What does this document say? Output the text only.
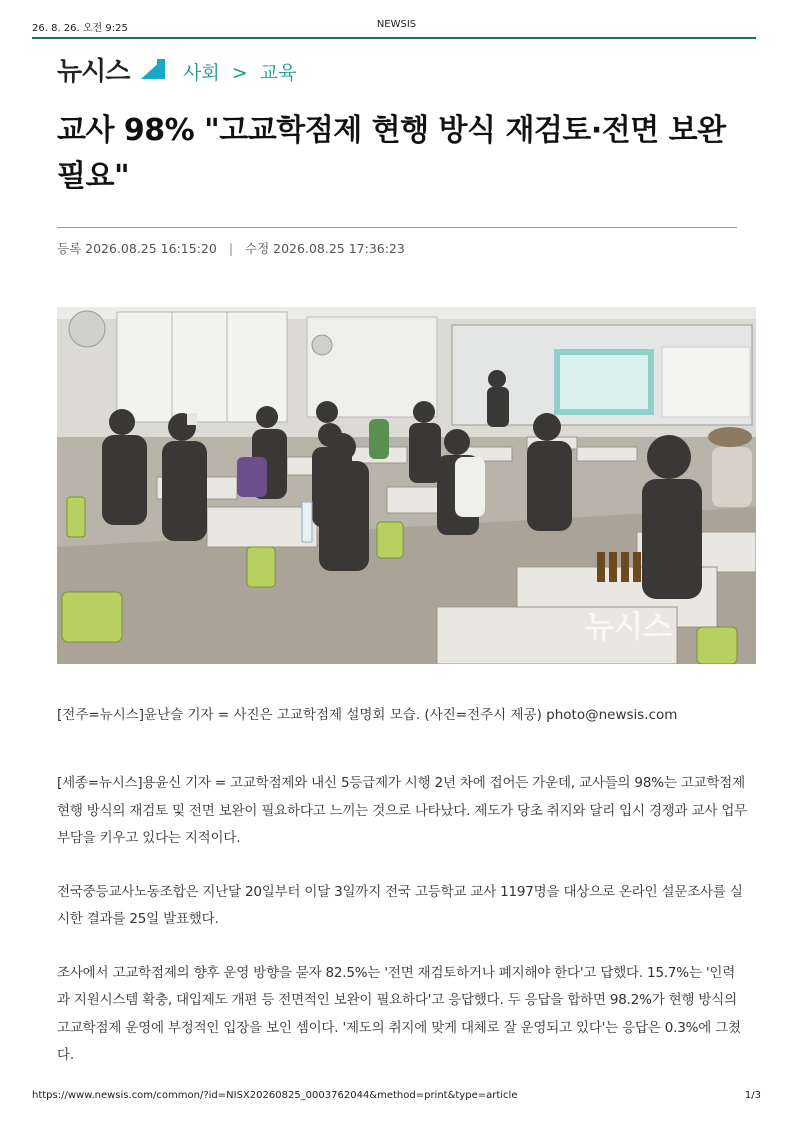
26. 8. 26. 오전 9:25	NEWSIS
뉴시스	사회 > 교육
교사 98% "고교학점제 현행 방식 재검토·전면 보완 필요"
등록 2026.08.25 16:15:20 | 수정 2026.08.25 17:36:23
뉴시스
[전주=뉴시스]윤난슬 기자 = 사진은 고교학점제 설명회 모습. (사진=전주시 제공) photo@newsis.com

[세종=뉴시스]용윤신 기자 = 고교학점제와 내신 5등급제가 시행 2년 차에 접어든 가운데, 교사들의 98%는 고교학점제 현행 방식의 재검토 및 전면 보완이 필요하다고 느끼는 것으로 나타났다. 제도가 당초 취지와 달리 입시 경쟁과 교사 업무 부담을 키우고 있다는 지적이다.

전국중등교사노동조합은 지난달 20일부터 이달 3일까지 전국 고등학교 교사 1197명을 대상으로 온라인 설문조사를 실시한 결과를 25일 발표했다.

조사에서 고교학점제의 향후 운영 방향을 묻자 82.5%는 '전면 재검토하거나 폐지해야 한다'고 답했다. 15.7%는 '인력과 지원시스템 확충, 대입제도 개편 등 전면적인 보완이 필요하다'고 응답했다. 두 응답을 합하면 98.2%가 현행 방식의 고교학점제 운영에 부정적인 입장을 보인 셈이다. '제도의 취지에 맞게 대체로 잘 운영되고 있다'는 응답은 0.3%에 그쳤다.

https://www.newsis.com/common/?id=NISX20260825_0003762044&method=print&type=article	1/3
